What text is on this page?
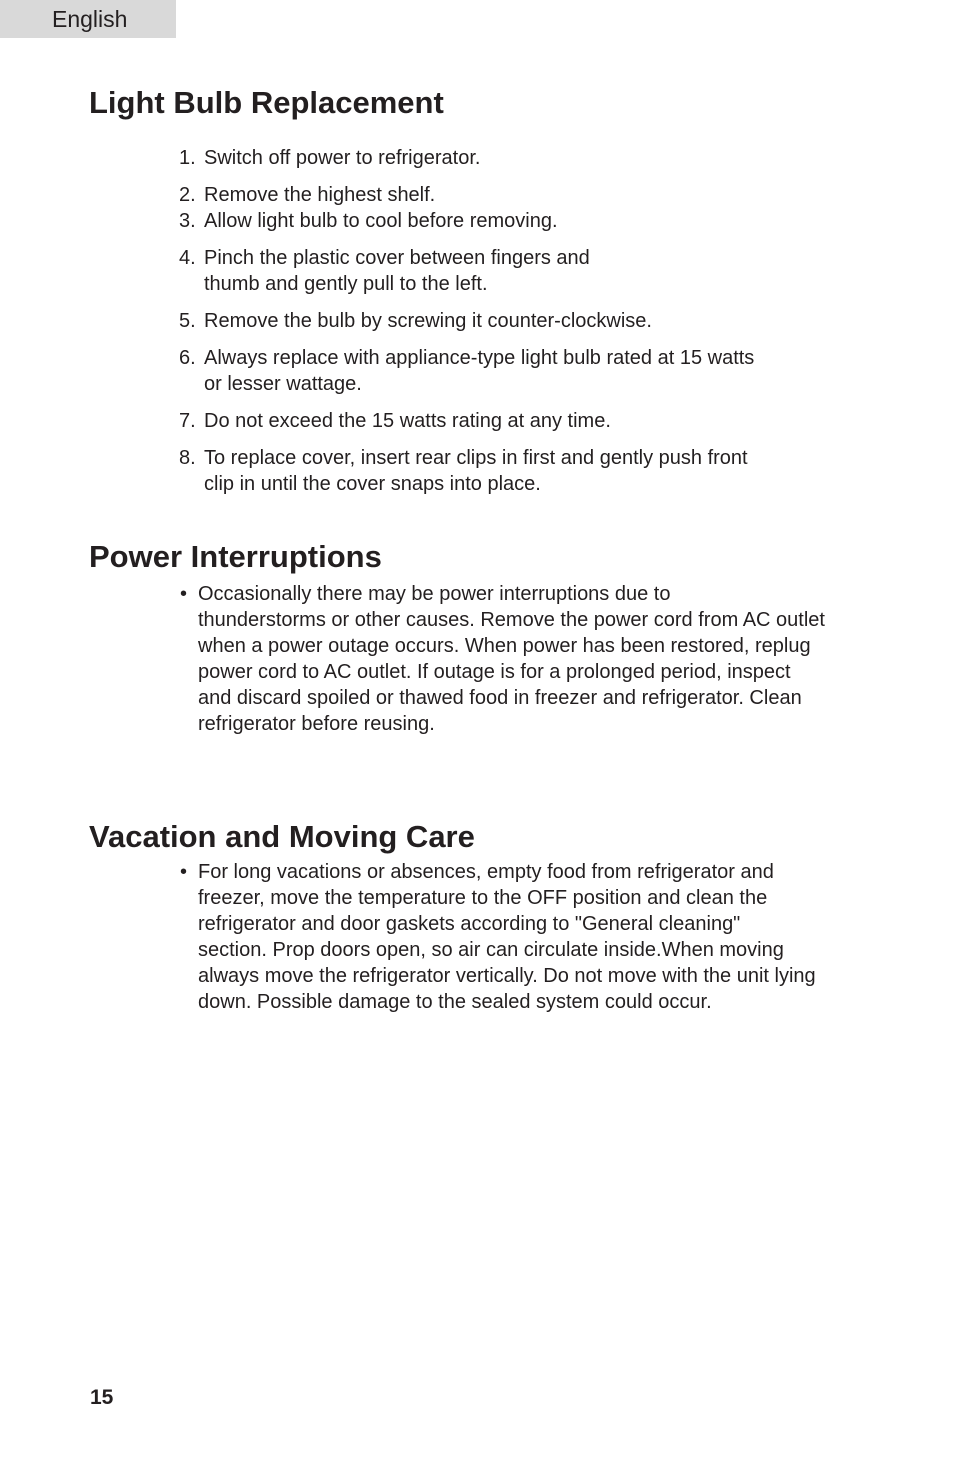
English
Light Bulb Replacement
1. Switch off power to refrigerator.
2. Remove the highest shelf.
3. Allow light bulb to cool before removing.
4. Pinch the plastic cover between fingers and
thumb and gently pull to the left.
5. Remove the bulb by screwing it counter-clockwise.
6. Always replace with appliance-type light bulb rated at 15 watts
or lesser wattage.
7. Do not exceed the 15 watts rating at any time.
8. To replace cover, insert rear clips in first and gently push front
clip in until the cover snaps into place.
Power Interruptions
• Occasionally there may be power interruptions due to
thunderstorms or other causes. Remove the power cord from AC outlet
when a power outage occurs. When power has been restored, replug
power cord to AC outlet. If outage is for a prolonged period, inspect
and discard spoiled or thawed food in freezer and refrigerator. Clean
refrigerator before reusing.
Vacation and Moving Care
• For long vacations or absences, empty food from refrigerator and
freezer, move the temperature to the OFF position and clean the
refrigerator and door gaskets according to "General cleaning"
section. Prop doors open, so air can circulate inside.When moving
always move the refrigerator vertically. Do not move with the unit lying
down. Possible damage to the sealed system could occur.
15
